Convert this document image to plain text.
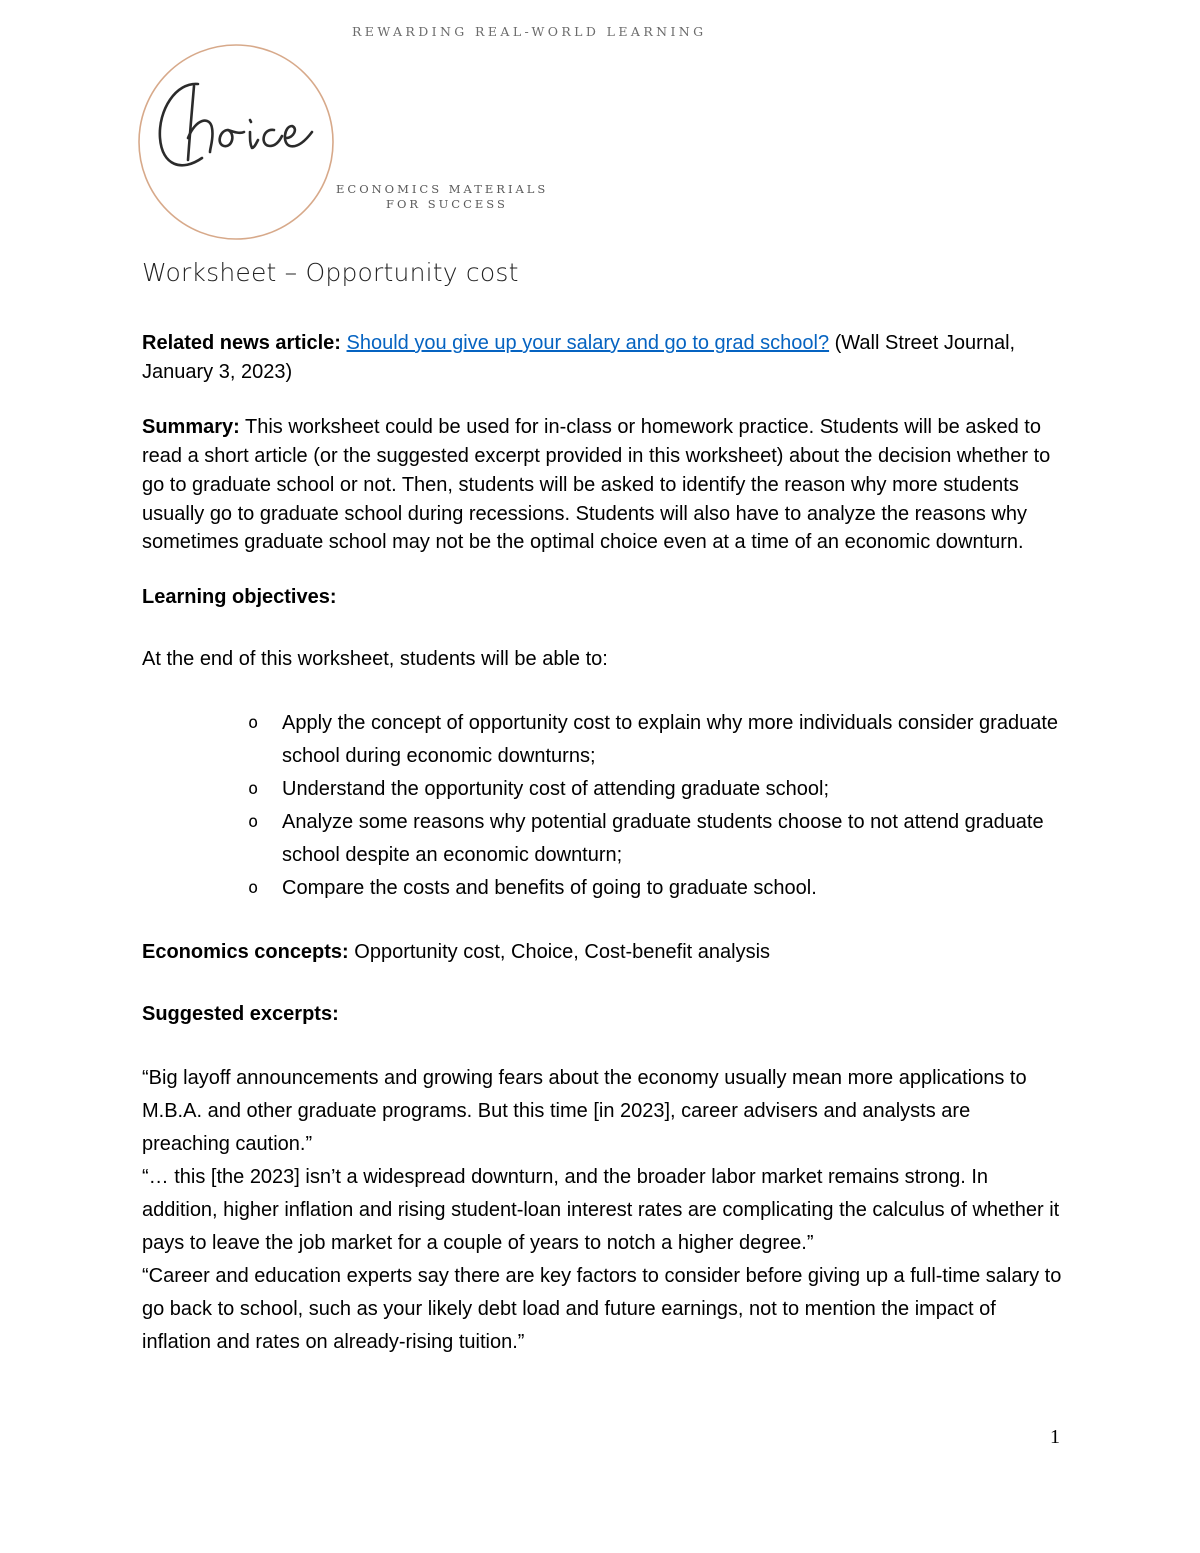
ECONOMICS MATERIALS
FOR SUCCESS
REWARDING REAL-WORLD LEARNING
Worksheet – Opportunity cost

Related news article: Should you give up your salary and go to grad school? (Wall Street Journal, January 3, 2023)

Summary: This worksheet could be used for in-class or homework practice. Students will be asked to read a short article (or the suggested excerpt provided in this worksheet) about the decision whether to go to graduate school or not. Then, students will be asked to identify the reason why more students usually go to graduate school during recessions. Students will also have to analyze the reasons why sometimes graduate school may not be the optimal choice even at a time of an economic downturn.

Learning objectives:

At the end of this worksheet, students will be able to:

o Apply the concept of opportunity cost to explain why more individuals consider graduate school during economic downturns;
o Understand the opportunity cost of attending graduate school;
o Analyze some reasons why potential graduate students choose to not attend graduate school despite an economic downturn;
o Compare the costs and benefits of going to graduate school.

Economics concepts: Opportunity cost, Choice, Cost-benefit analysis

Suggested excerpts:

“Big layoff announcements and growing fears about the economy usually mean more applications to M.B.A. and other graduate programs. But this time [in 2023], career advisers and analysts are preaching caution.”

“… this [the 2023] isn’t a widespread downturn, and the broader labor market remains strong. In addition, higher inflation and rising student-loan interest rates are complicating the calculus of whether it pays to leave the job market for a couple of years to notch a higher degree.”

“Career and education experts say there are key factors to consider before giving up a full-time salary to go back to school, such as your likely debt load and future earnings, not to mention the impact of inflation and rates on already-rising tuition.”

1
